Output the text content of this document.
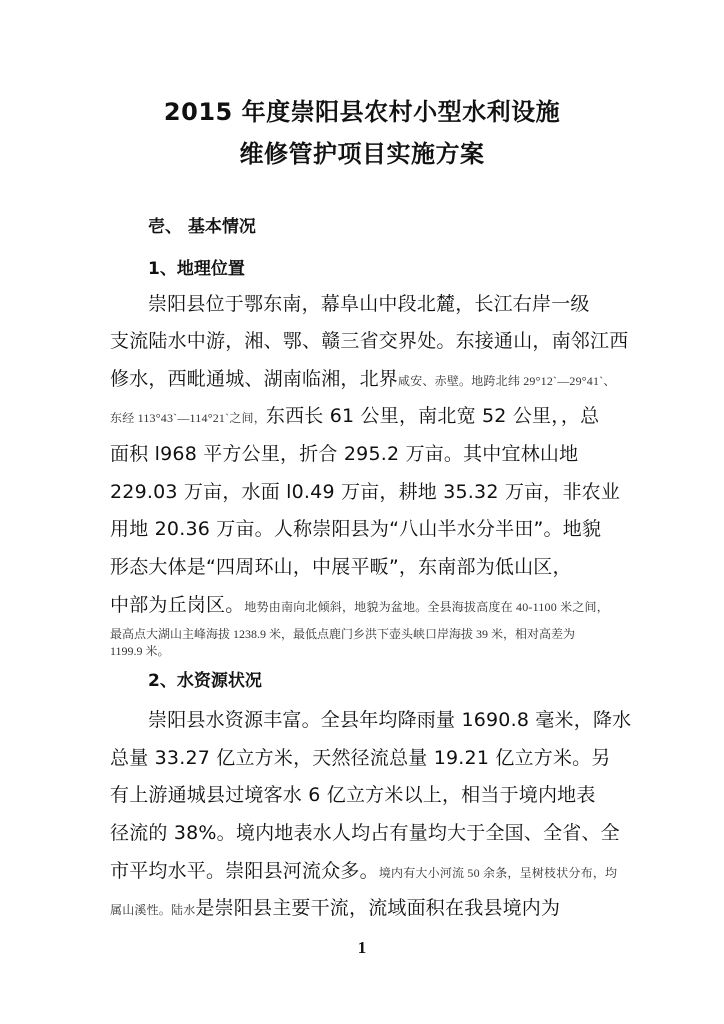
2015 年度崇阳县农村小型水利设施
维修管护项目实施方案
壱、 基本情况
1、地理位置
崇阳县位于鄂东南，幕阜山中段北麓，长江右岸一级
支流陆水中游，湘、鄂、赣三省交界处。东接通山，南邻江西
修水，西毗通城、湖南临湘，北界咸安、赤壁。地跨北纬 29°12`—29°41`、
东经 113°43`—114°21`之间，东西长 61 公里，南北宽 52 公里，，总
面积 l968 平方公里，折合 295.2 万亩。其中宜林山地
229.03 万亩，水面 l0.49 万亩，耕地 35.32 万亩，非农业
用地 20.36 万亩。人称崇阳县为“八山半水分半田”。地貌
形态大体是“四周环山，中展平畈”，东南部为低山区，
中部为丘岗区。地势由南向北倾斜，地貌为盆地。全县海拔高度在 40-1100 米之间，
最高点大湖山主峰海拔 1238.9 米，最低点鹿门乡洪下壶头峡口岸海拔 39 米，相对高差为
1199.9 米。
2、水资源状况
崇阳县水资源丰富。全县年均降雨量 1690.8 毫米，降水
总量 33.27 亿立方米，天然径流总量 19.21 亿立方米。另
有上游通城县过境客水 6 亿立方米以上，相当于境内地表
径流的 38%。境内地表水人均占有量均大于全国、全省、全
市平均水平。崇阳县河流众多。境内有大小河流 50 余条，呈树枝状分布，均
属山溪性。陆水是崇阳县主要干流，流域面积在我县境内为
1
